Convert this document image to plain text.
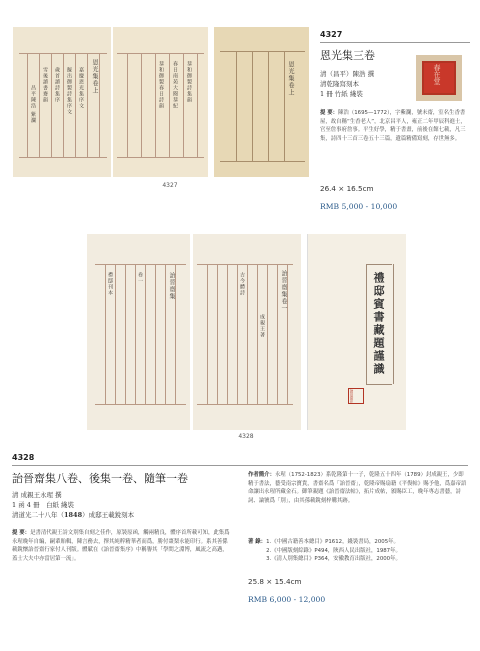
恩光集卷上
昌平陳浩 紫瀾	嘉慶恩光集序文
擬出御製詩集序文
歲首讀詩集序
雪後讀書齋韻	恭和御製詩集韻
春日南苑大閱恭紀
恭和御製春日詩韻	恩光集卷上
4327
4327
恩光集三卷
春在堂
清（昌平）陳浩 撰
清乾隆寫刻本
1 冊 竹紙 綫裝
提 要：陳浩（1695—1772），字紫瀾，號未齋，室名生香書屋，故自稱“生香老人”，北京昌平人，雍正二年甲辰科進士，官至詹事府詹事。平生好學，精于書畫，前後在館七載，凡三集，詩四十三首三卷五十三篇，遺篇精備寫刻，存世無多。
26.4 × 16.5cm
RMB 5,000 - 10,000
詒晉齋集
卷一
禮邸刊本	詒晉齋集卷一
成親王著
古今體詩	禮邸賓書藏題謹識
詒晉齋印
4328
4328
詒晉齋集八卷、後集一卷、隨筆一卷
清 成親王永瑆 撰
1 函 4 冊　白紙 綫裝
清道光二十八年（1848）成邸王載銳刻本
提 要：是書清代親王詩文別集自刻之佳作，原裝原函，觸兩精良，體序首所載可知，此集爲永瑆晚年自編，嗣輩貽輯，陳言務去，擇其純粹精華者而爲，勝付棗梨永能印行。系其善係載銳懷詒晉齋行家付人刊版。體賦在《詒晉齋集序》中稱譽其「學問之淵博，風流之高邁，蓋士大夫中亦當居第一流」。
作者簡介：永瑆（1752-1823）系乾隆第十一子，乾隆五十四年（1789）封成親王，少即精于書法，藝受南宗寶貴，書齋名爲「詒晉齋」，乾隆帝賜扇籍《平復帖》賜予他，爲嘉帝語命讓出永瑆所藏金石。御筆親題《詒晉齋法帖》，拓片成帖，頒賜臣工，晚年專志書藝，詩詞、論號爲「別」，由其孫載銳刻梓購其跡。
著 錄： 1.《中國古籍善本總目》P1612，綫裝書局，2005年。
2.《中國版刻綜錄》P494，陝西人民出版社，1987年。
3.《清人別集總目》P364，安徽教育出版社，2000年。
25.8 × 15.4cm
RMB 6,000 - 12,000
